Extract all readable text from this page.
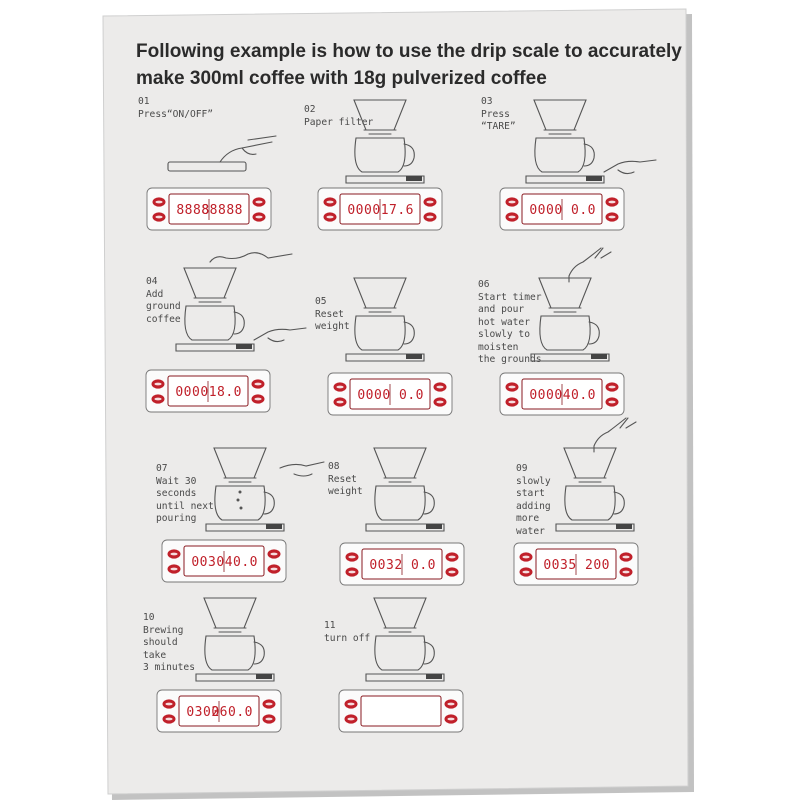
Following example is how to use the drip scale to accurately make 300ml coffee with 18g pulverized coffee
01
Press“ON/OFF”	02
Paper filter
03
Press
“TARE”
04
Add
ground
coffee
05
Reset
weight
06
Start timer
and pour
hot water
slowly to
moisten
the grounds
07
Wait 30
seconds
until next
pouring
08
Reset
weight
09
slowly
start
adding
more
water
10
Brewing
should
take
3 minutes
11
turn off
8888
88888	0000 17.6	0000 0.0
0000 18.0	0000 0.0	0000 40.0
0030 40.0	0032 0.0	0035 200
0300
260.0
